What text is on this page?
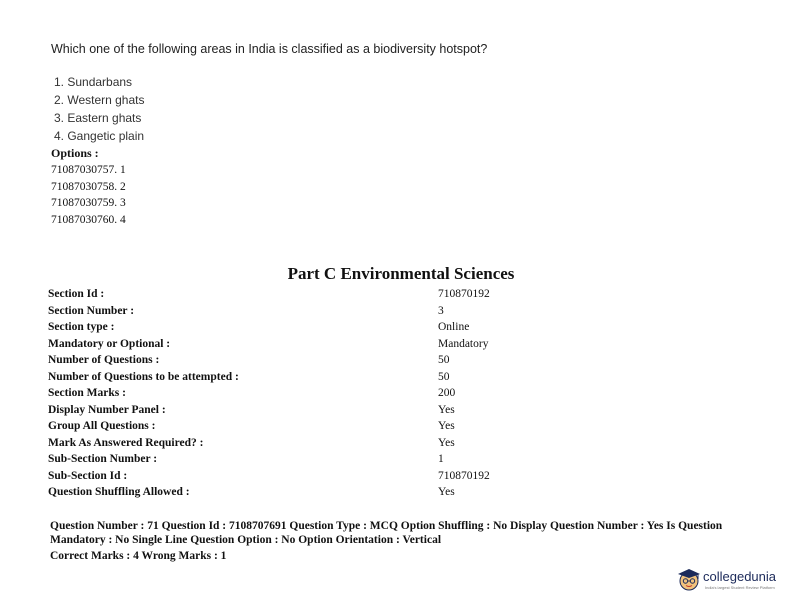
Which one of the following areas in India is classified as a biodiversity hotspot?
1. Sundarbans
2. Western ghats
3. Eastern ghats
4. Gangetic plain
Options :
71087030757. 1
71087030758. 2
71087030759. 3
71087030760. 4
Part C Environmental Sciences
Section Id :	710870192
Section Number :	3
Section type :	Online
Mandatory or Optional :	Mandatory
Number of Questions :	50
Number of Questions to be attempted :	50
Section Marks :	200
Display Number Panel :	Yes
Group All Questions :	Yes
Mark As Answered Required? :	Yes
Sub-Section Number :	1
Sub-Section Id :	710870192
Question Shuffling Allowed :	Yes
Question Number : 71 Question Id : 7108707691 Question Type : MCQ Option Shuffling : No Display Question Number : Yes Is Question Mandatory : No Single Line Question Option : No Option Orientation : Vertical
Correct Marks : 4 Wrong Marks : 1
collegedunia
India's largest Student Review Platform
